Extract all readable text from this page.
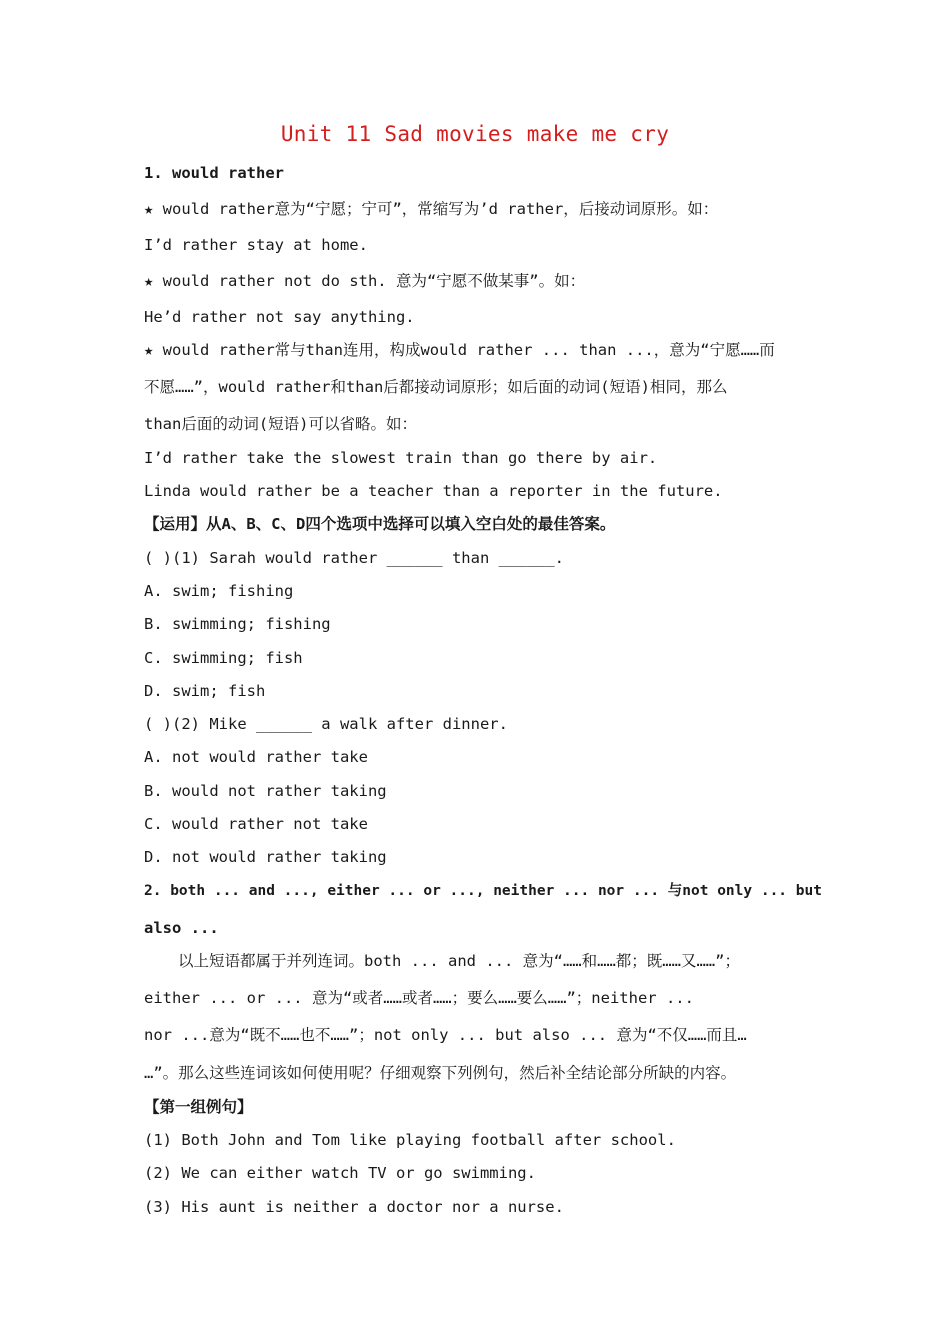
Unit 11 Sad movies make me cry
1. would rather
★ would rather意为“宁愿；宁可”，常缩写为’d rather，后接动词原形。如：
I’d rather stay at home.
★ would rather not do sth. 意为“宁愿不做某事”。如：
He’d rather not say anything.
★ would rather常与than连用，构成would rather ... than ...，意为“宁愿……而
不愿……”，would rather和than后都接动词原形；如后面的动词(短语)相同，那么
than后面的动词(短语)可以省略。如：
I’d rather take the slowest train than go there by air.
Linda would rather be a teacher than a reporter in the future.
【运用】从A、B、C、D四个选项中选择可以填入空白处的最佳答案。
( )(1) Sarah would rather ______ than ______.
A. swim; fishing
B. swimming; fishing
C. swimming; fish
D. swim; fish
( )(2) Mike ______ a walk after dinner.
A. not would rather take
B. would not rather taking
C. would rather not take
D. not would rather taking
2. both ... and ..., either ... or ..., neither ... nor ... 与not only ... but
also ...
以上短语都属于并列连词。both ... and ... 意为“……和……都；既……又……”；
either ... or ... 意为“或者……或者……；要么……要么……”；neither ...
nor ...意为“既不……也不……”；not only ... but also ... 意为“不仅……而且…
…”。那么这些连词该如何使用呢？仔细观察下列例句，然后补全结论部分所缺的内容。
【第一组例句】
(1) Both John and Tom like playing football after school.
(2) We can either watch TV or go swimming.
(3) His aunt is neither a doctor nor a nurse.
